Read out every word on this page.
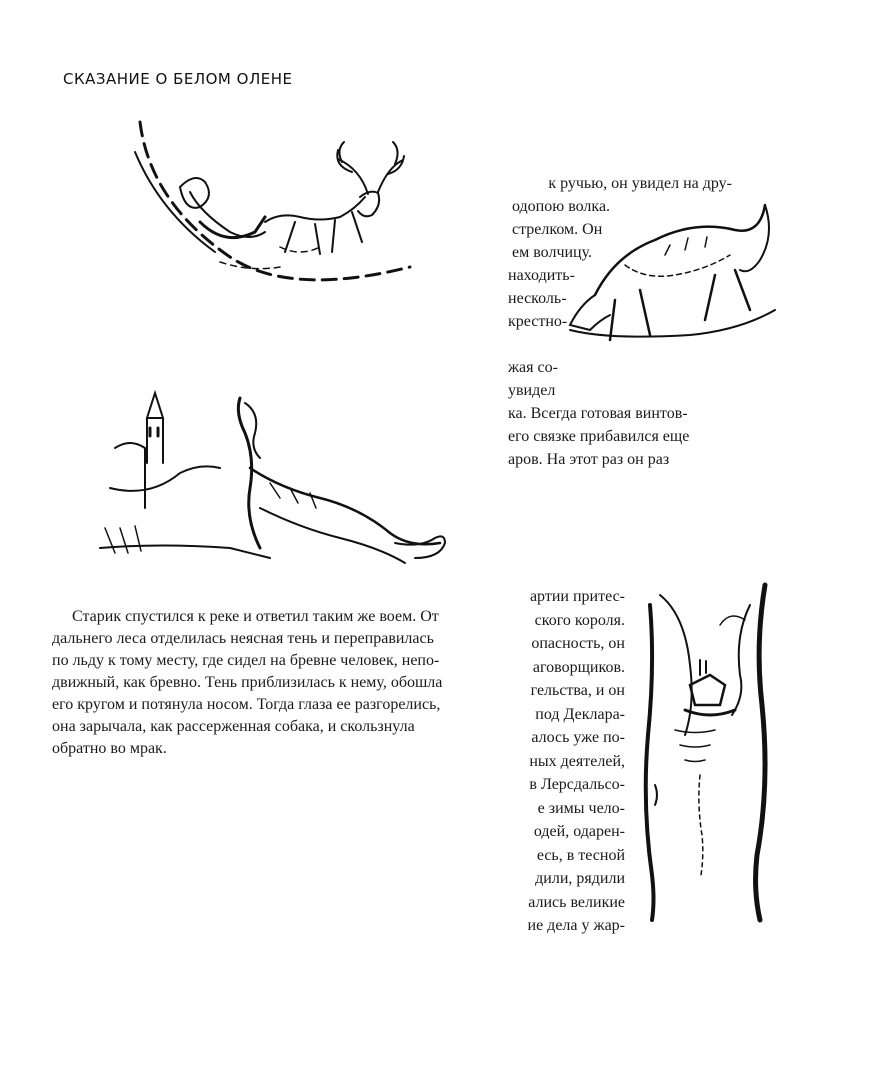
СКАЗАНИЕ О БЕЛОМ ОЛЕНЕ
к ручью, он увидел на дру-
одопою волка.
стрелком. Он
ем волчицу.
находить-
несколь-
крестно-
жая со-
увидел
ка. Всегда готовая винтов-
его связке прибавился еще
аров. На этот раз он раз
Старик спустился к реке и ответил таким же воем. От
дальнего леса отделилась неясная тень и переправилась
по льду к тому месту, где сидел на бревне человек, непо-
движный, как бревно. Тень приблизилась к нему, обошла
его кругом и потянула носом. Тогда глаза ее разгорелись,
она зарычала, как рассерженная собака, и скользнула
обратно во мрак.
артии притес-
ского короля.
опасность, он
аговорщиков.
гельства, и он
под Деклара-
алось уже по-
ных деятелей,
в Лерсдальсо-
е зимы чело-
одей, одарен-
есь, в тесной
дили, рядили
ались великие
ие дела у жар-
